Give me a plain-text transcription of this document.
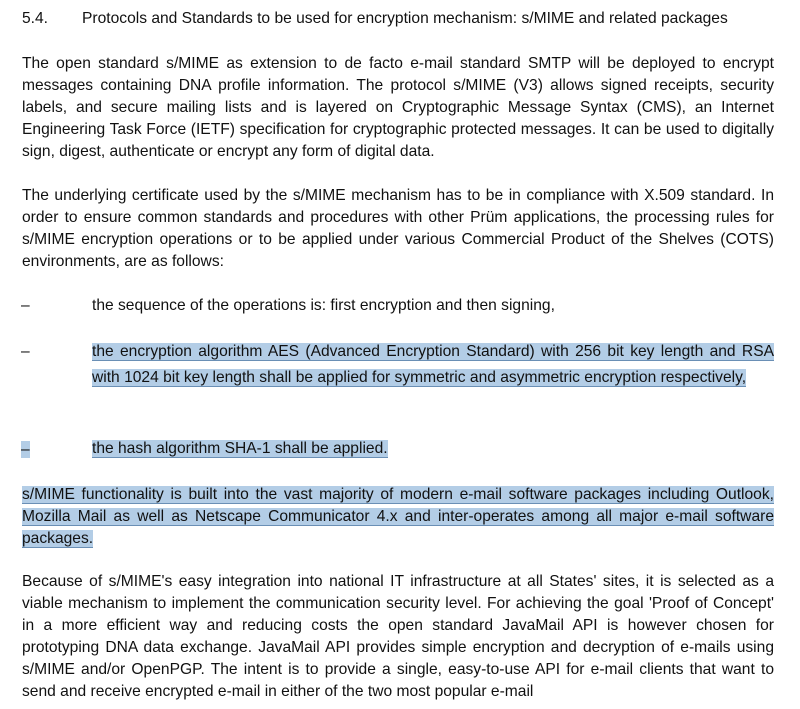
5.4. Protocols and Standards to be used for encryption mechanism: s/MIME and related packages

The open standard s/MIME as extension to de facto e-mail standard SMTP will be deployed to encrypt messages containing DNA profile information. The protocol s/MIME (V3) allows signed receipts, security labels, and secure mailing lists and is layered on Cryptographic Message Syntax (CMS), an Internet Engineering Task Force (IETF) specification for cryptographic protected messages. It can be used to digitally sign, digest, authenticate or encrypt any form of digital data.

The underlying certificate used by the s/MIME mechanism has to be in compliance with X.509 standard. In order to ensure common standards and procedures with other Prüm applications, the processing rules for s/MIME encryption operations or to be applied under various Commercial Product of the Shelves (COTS) environments, are as follows:

–	the sequence of the operations is: first encryption and then signing,

–	the encryption algorithm AES (Advanced Encryption Standard) with 256 bit key length and RSA with 1024 bit key length shall be applied for symmetric and asymmetric encryption respectively,

–	the hash algorithm SHA-1 shall be applied.

s/MIME functionality is built into the vast majority of modern e-mail software packages including Outlook, Mozilla Mail as well as Netscape Communicator 4.x and inter-operates among all major e-mail software packages.

Because of s/MIME's easy integration into national IT infrastructure at all States' sites, it is selected as a viable mechanism to implement the communication security level. For achieving the goal 'Proof of Concept' in a more efficient way and reducing costs the open standard JavaMail API is however chosen for prototyping DNA data exchange. JavaMail API provides simple encryption and decryption of e-mails using s/MIME and/or OpenPGP. The intent is to provide a single, easy-to-use API for e-mail clients that want to send and receive encrypted e-mail in either of the two most popular e-mail
